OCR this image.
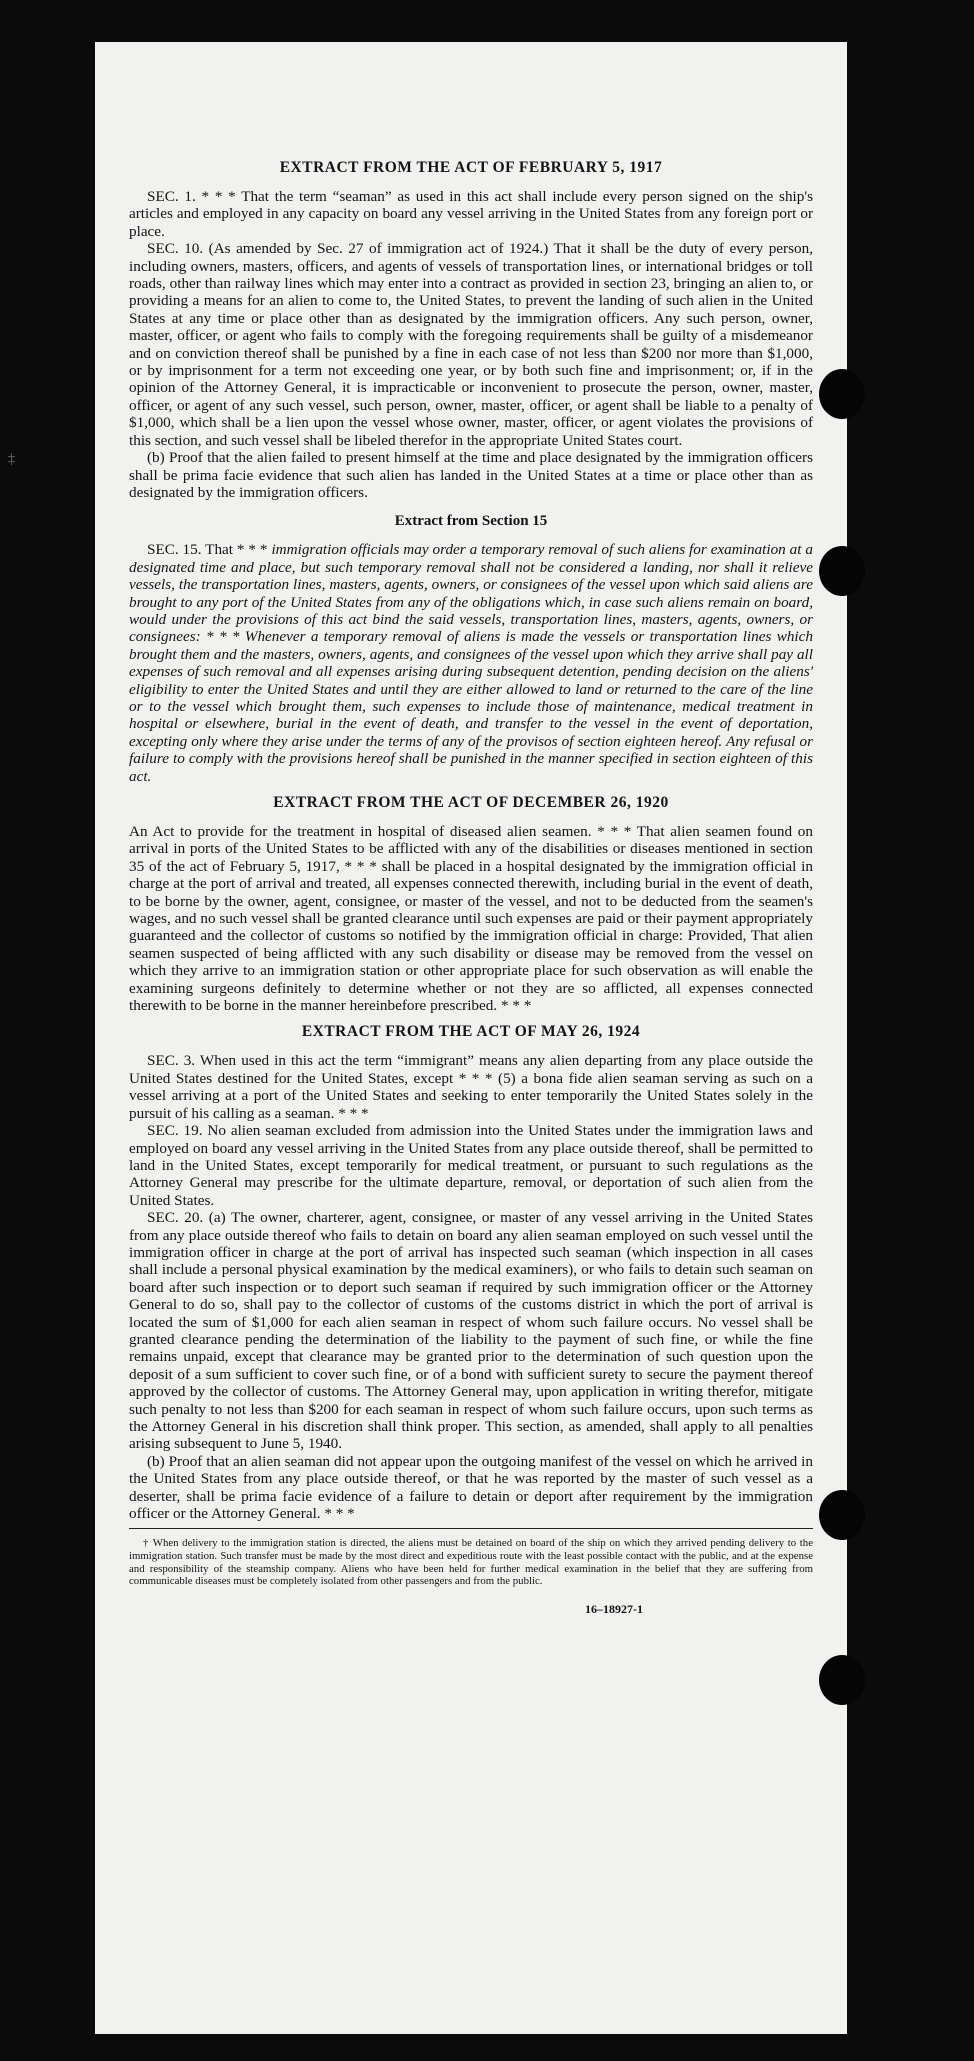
‡
EXTRACT FROM THE ACT OF FEBRUARY 5, 1917

SEC. 1. * * * That the term “seaman” as used in this act shall include every person signed on the ship's articles and employed in any capacity on board any vessel arriving in the United States from any foreign port or place.

SEC. 10. (As amended by Sec. 27 of immigration act of 1924.) That it shall be the duty of every person, including owners, masters, officers, and agents of vessels of transportation lines, or international bridges or toll roads, other than railway lines which may enter into a contract as provided in section 23, bringing an alien to, or providing a means for an alien to come to, the United States, to prevent the landing of such alien in the United States at any time or place other than as designated by the immigration officers. Any such person, owner, master, officer, or agent who fails to comply with the foregoing requirements shall be guilty of a misdemeanor and on conviction thereof shall be punished by a fine in each case of not less than $200 nor more than $1,000, or by imprisonment for a term not exceeding one year, or by both such fine and imprisonment; or, if in the opinion of the Attorney General, it is impracticable or inconvenient to prosecute the person, owner, master, officer, or agent of any such vessel, such person, owner, master, officer, or agent shall be liable to a penalty of $1,000, which shall be a lien upon the vessel whose owner, master, officer, or agent violates the provisions of this section, and such vessel shall be libeled therefor in the appropriate United States court.

(b) Proof that the alien failed to present himself at the time and place designated by the immigration officers shall be prima facie evidence that such alien has landed in the United States at a time or place other than as designated by the immigration officers.

Extract from Section 15

SEC. 15. That * * * immigration officials may order a temporary removal of such aliens for examination at a designated time and place, but such temporary removal shall not be considered a landing, nor shall it relieve vessels, the transportation lines, masters, agents, owners, or consignees of the vessel upon which said aliens are brought to any port of the United States from any of the obligations which, in case such aliens remain on board, would under the provisions of this act bind the said vessels, transportation lines, masters, agents, owners, or consignees: * * * Whenever a temporary removal of aliens is made the vessels or transportation lines which brought them and the masters, owners, agents, and consignees of the vessel upon which they arrive shall pay all expenses of such removal and all expenses arising during subsequent detention, pending decision on the aliens' eligibility to enter the United States and until they are either allowed to land or returned to the care of the line or to the vessel which brought them, such expenses to include those of maintenance, medical treatment in hospital or elsewhere, burial in the event of death, and transfer to the vessel in the event of deportation, excepting only where they arise under the terms of any of the provisos of section eighteen hereof. Any refusal or failure to comply with the provisions hereof shall be punished in the manner specified in section eighteen of this act.

EXTRACT FROM THE ACT OF DECEMBER 26, 1920

An Act to provide for the treatment in hospital of diseased alien seamen. * * * That alien seamen found on arrival in ports of the United States to be afflicted with any of the disabilities or diseases mentioned in section 35 of the act of February 5, 1917, * * * shall be placed in a hospital designated by the immigration official in charge at the port of arrival and treated, all expenses connected therewith, including burial in the event of death, to be borne by the owner, agent, consignee, or master of the vessel, and not to be deducted from the seamen's wages, and no such vessel shall be granted clearance until such expenses are paid or their payment appropriately guaranteed and the collector of customs so notified by the immigration official in charge: Provided, That alien seamen suspected of being afflicted with any such disability or disease may be removed from the vessel on which they arrive to an immigration station or other appropriate place for such observation as will enable the examining surgeons definitely to determine whether or not they are so afflicted, all expenses connected therewith to be borne in the manner hereinbefore prescribed. * * *

EXTRACT FROM THE ACT OF MAY 26, 1924

SEC. 3. When used in this act the term “immigrant” means any alien departing from any place outside the United States destined for the United States, except * * * (5) a bona fide alien seaman serving as such on a vessel arriving at a port of the United States and seeking to enter temporarily the United States solely in the pursuit of his calling as a seaman. * * *

SEC. 19. No alien seaman excluded from admission into the United States under the immigration laws and employed on board any vessel arriving in the United States from any place outside thereof, shall be permitted to land in the United States, except temporarily for medical treatment, or pursuant to such regulations as the Attorney General may prescribe for the ultimate departure, removal, or deportation of such alien from the United States.

SEC. 20. (a) The owner, charterer, agent, consignee, or master of any vessel arriving in the United States from any place outside thereof who fails to detain on board any alien seaman employed on such vessel until the immigration officer in charge at the port of arrival has inspected such seaman (which inspection in all cases shall include a personal physical examination by the medical examiners), or who fails to detain such seaman on board after such inspection or to deport such seaman if required by such immigration officer or the Attorney General to do so, shall pay to the collector of customs of the customs district in which the port of arrival is located the sum of $1,000 for each alien seaman in respect of whom such failure occurs. No vessel shall be granted clearance pending the determination of the liability to the payment of such fine, or while the fine remains unpaid, except that clearance may be granted prior to the determination of such question upon the deposit of a sum sufficient to cover such fine, or of a bond with sufficient surety to secure the payment thereof approved by the collector of customs. The Attorney General may, upon application in writing therefor, mitigate such penalty to not less than $200 for each seaman in respect of whom such failure occurs, upon such terms as the Attorney General in his discretion shall think proper. This section, as amended, shall apply to all penalties arising subsequent to June 5, 1940.

(b) Proof that an alien seaman did not appear upon the outgoing manifest of the vessel on which he arrived in the United States from any place outside thereof, or that he was reported by the master of such vessel as a deserter, shall be prima facie evidence of a failure to detain or deport after requirement by the immigration officer or the Attorney General. * * *

† When delivery to the immigration station is directed, the aliens must be detained on board of the ship on which they arrived pending delivery to the immigration station. Such transfer must be made by the most direct and expeditious route with the least possible contact with the public, and at the expense and responsibility of the steamship company. Aliens who have been held for further medical examination in the belief that they are suffering from communicable diseases must be completely isolated from other passengers and from the public.

16–18927-1
